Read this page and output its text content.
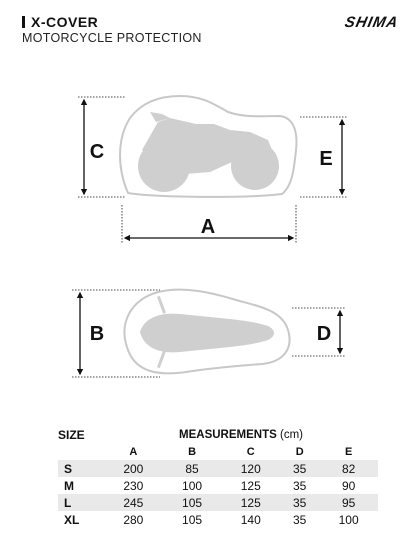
X-COVER
MOTORCYCLE PROTECTION
SHIMA
C	E
A
B	D
SIZE	MEASUREMENTS (cm)				
	A	B	C	D	E
S	200	85	120	35	82
M	230	100	125	35	90
L	245	105	125	35	95
XL	280	105	140	35	100
